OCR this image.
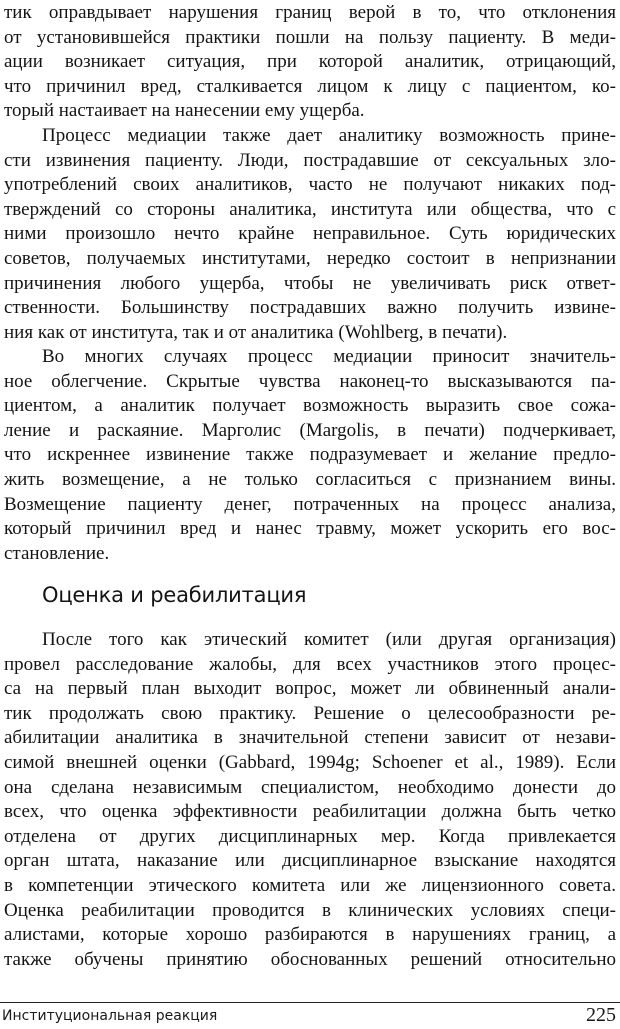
тик оправдывает нарушения границ верой в то, что отклонения
от установившейся практики пошли на пользу пациенту. В меди-
ации возникает ситуация, при которой аналитик, отрицающий,
что причинил вред, сталкивается лицом к лицу с пациентом, ко-
торый настаивает на нанесении ему ущерба.
Процесс медиации также дает аналитику возможность прине-
сти извинения пациенту. Люди, пострадавшие от сексуальных зло-
употреблений своих аналитиков, часто не получают никаких под-
тверждений со стороны аналитика, института или общества, что с
ними произошло нечто крайне неправильное. Суть юридических
советов, получаемых институтами, нередко состоит в непризнании
причинения любого ущерба, чтобы не увеличивать риск ответ-
ственности. Большинству пострадавших важно получить извине-
ния как от института, так и от аналитика (Wohlberg, в печати).
Во многих случаях процесс медиации приносит значитель-
ное облегчение. Скрытые чувства наконец-то высказываются па-
циентом, а аналитик получает возможность выразить свое сожа-
ление и раскаяние. Марголис (Margolis, в печати) подчеркивает,
что искреннее извинение также подразумевает и желание предло-
жить возмещение, а не только согласиться с признанием вины.
Возмещение пациенту денег, потраченных на процесс анализа,
который причинил вред и нанес травму, может ускорить его вос-
становление.
Оценка и реабилитация
После того как этический комитет (или другая организация)
провел расследование жалобы, для всех участников этого процес-
са на первый план выходит вопрос, может ли обвиненный анали-
тик продолжать свою практику. Решение о целесообразности ре-
абилитации аналитика в значительной степени зависит от незави-
симой внешней оценки (Gabbard, 1994g; Schoener et al., 1989). Если
она сделана независимым специалистом, необходимо донести до
всех, что оценка эффективности реабилитации должна быть четко
отделена от других дисциплинарных мер. Когда привлекается
орган штата, наказание или дисциплинарное взыскание находятся
в компетенции этического комитета или же лицензионного совета.
Оценка реабилитации проводится в клинических условиях специ-
алистами, которые хорошо разбираются в нарушениях границ, а
также обучены принятию обоснованных решений относительно
Институциональная реакция	225
